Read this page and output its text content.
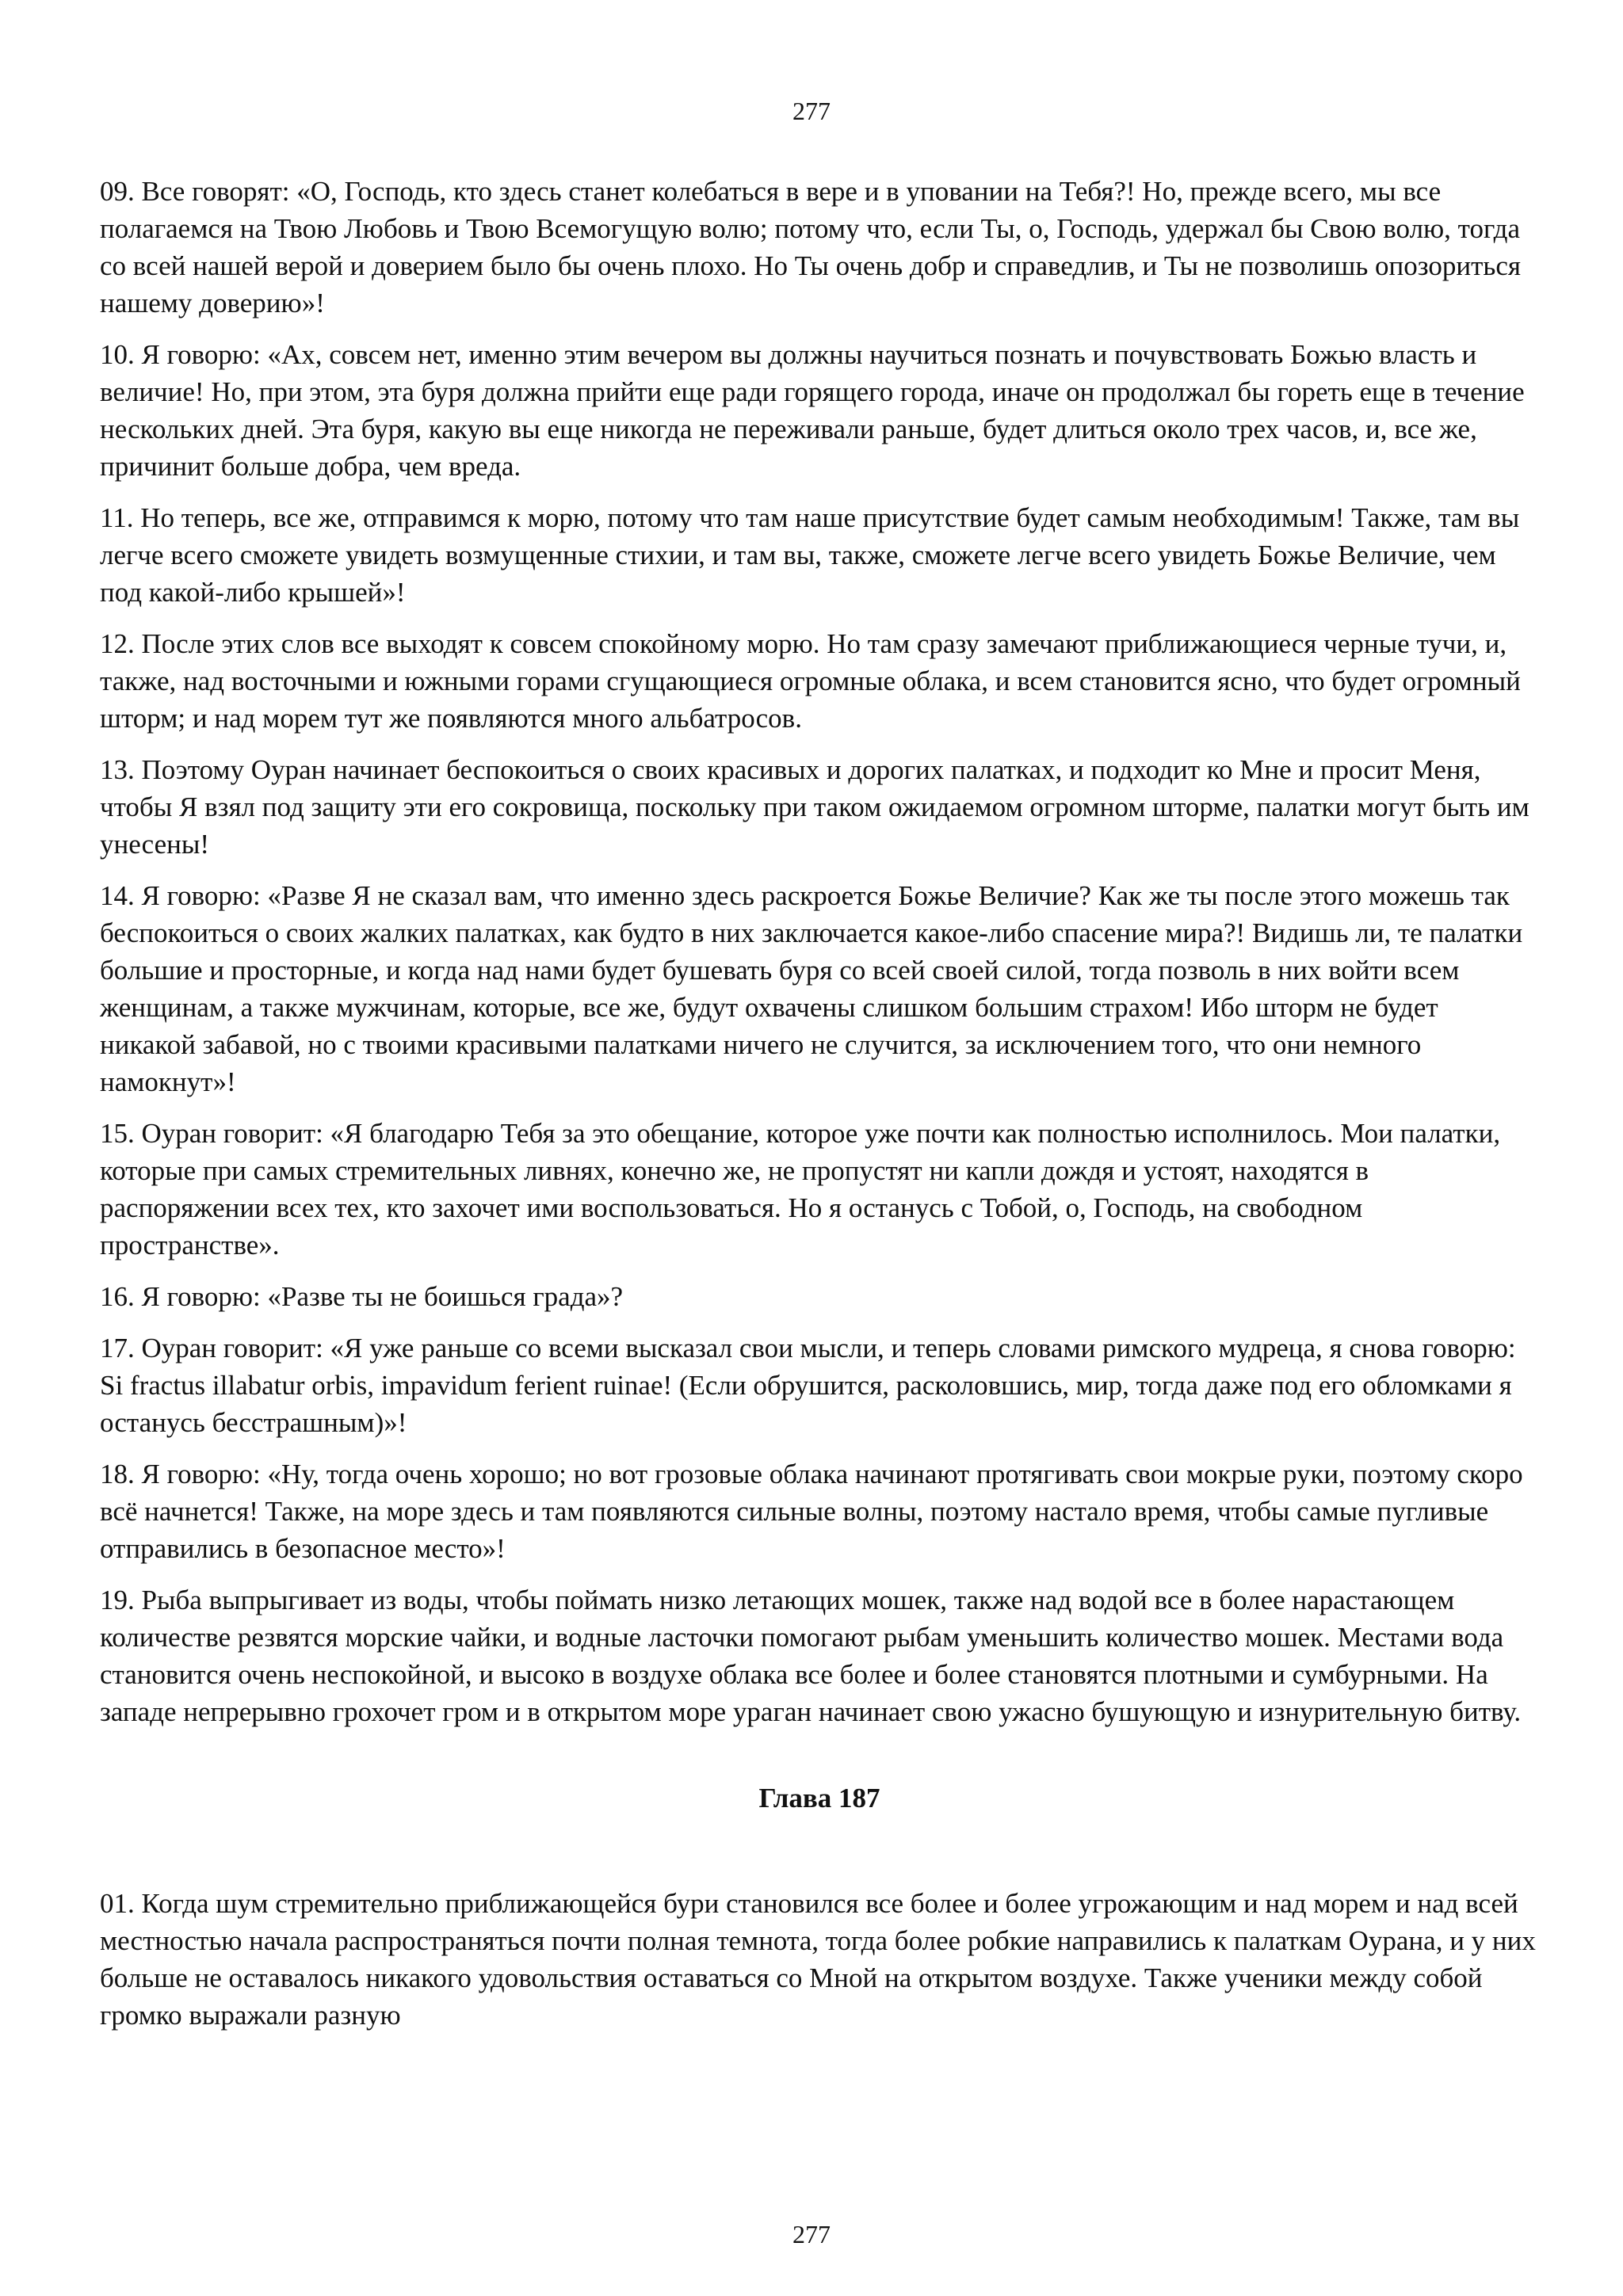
277

09. Все говорят: «О, Господь, кто здесь станет колебаться в вере и в уповании на Тебя?! Но, прежде всего, мы все полагаемся на Твою Любовь и Твою Всемогущую волю; потому что, если Ты, о, Господь, удержал бы Свою волю, тогда со всей нашей верой и доверием было бы очень плохо. Но Ты очень добр и справедлив, и Ты не позволишь опозориться нашему доверию»!

10. Я говорю: «Ах, совсем нет, именно этим вечером вы должны научиться познать и почувствовать Божью власть и величие! Но, при этом, эта буря должна прийти еще ради горящего города, иначе он продолжал бы гореть еще в течение нескольких дней. Эта буря, какую вы еще никогда не переживали раньше, будет длиться около трех часов, и, все же, причинит больше добра, чем вреда.

11. Но теперь, все же, отправимся к морю, потому что там наше присутствие будет самым необходимым! Также, там вы легче всего сможете увидеть возмущенные стихии, и там вы, также, сможете легче всего увидеть Божье Величие, чем под какой-либо крышей»!

12. После этих слов все выходят к совсем спокойному морю. Но там сразу замечают приближающиеся черные тучи, и, также, над восточными и южными горами сгущающиеся огромные облака, и всем становится ясно, что будет огромный шторм; и над морем тут же появляются много альбатросов.

13. Поэтому Оуран начинает беспокоиться о своих красивых и дорогих палатках, и подходит ко Мне и просит Меня, чтобы Я взял под защиту эти его сокровища, поскольку при таком ожидаемом огромном шторме, палатки могут быть им унесены!

14. Я говорю: «Разве Я не сказал вам, что именно здесь раскроется Божье Величие? Как же ты после этого можешь так беспокоиться о своих жалких палатках, как будто в них заключается какое-либо спасение мира?! Видишь ли, те палатки большие и просторные, и когда над нами будет бушевать буря со всей своей силой, тогда позволь в них войти всем женщинам, а также мужчинам, которые, все же, будут охвачены слишком большим страхом! Ибо шторм не будет никакой забавой, но с твоими красивыми палатками ничего не случится, за исключением того, что они немного намокнут»!

15. Оуран говорит: «Я благодарю Тебя за это обещание, которое уже почти как полностью исполнилось. Мои палатки, которые при самых стремительных ливнях, конечно же, не пропустят ни капли дождя и устоят, находятся в распоряжении всех тех, кто захочет ими воспользоваться. Но я останусь с Тобой, о, Господь, на свободном пространстве».

16. Я говорю: «Разве ты не боишься града»?

17. Оуран говорит: «Я уже раньше со всеми высказал свои мысли, и теперь словами римского мудреца, я снова говорю: Si fractus illabatur orbis, impavidum ferient ruinae! (Если обрушится, расколовшись, мир, тогда даже под его обломками я останусь бесстрашным)»!

18. Я говорю: «Ну, тогда очень хорошо; но вот грозовые облака начинают протягивать свои мокрые руки, поэтому скоро всё начнется! Также, на море здесь и там появляются сильные волны, поэтому настало время, чтобы самые пугливые отправились в безопасное место»!

19. Рыба выпрыгивает из воды, чтобы поймать низко летающих мошек, также над водой все в более нарастающем количестве резвятся морские чайки, и водные ласточки помогают рыбам уменьшить количество мошек. Местами вода становится очень неспокойной, и высоко в воздухе облака все более и более становятся плотными и сумбурными. На западе непрерывно грохочет гром и в открытом море ураган начинает свою ужасно бушующую и изнурительную битву.

Глава 187

01. Когда шум стремительно приближающейся бури становился все более и более угрожающим и над морем и над всей местностью начала распространяться почти полная темнота, тогда более робкие направились к палаткам Оурана, и у них больше не оставалось никакого удовольствия оставаться со Мной на открытом воздухе. Также ученики между собой громко выражали разную

277
